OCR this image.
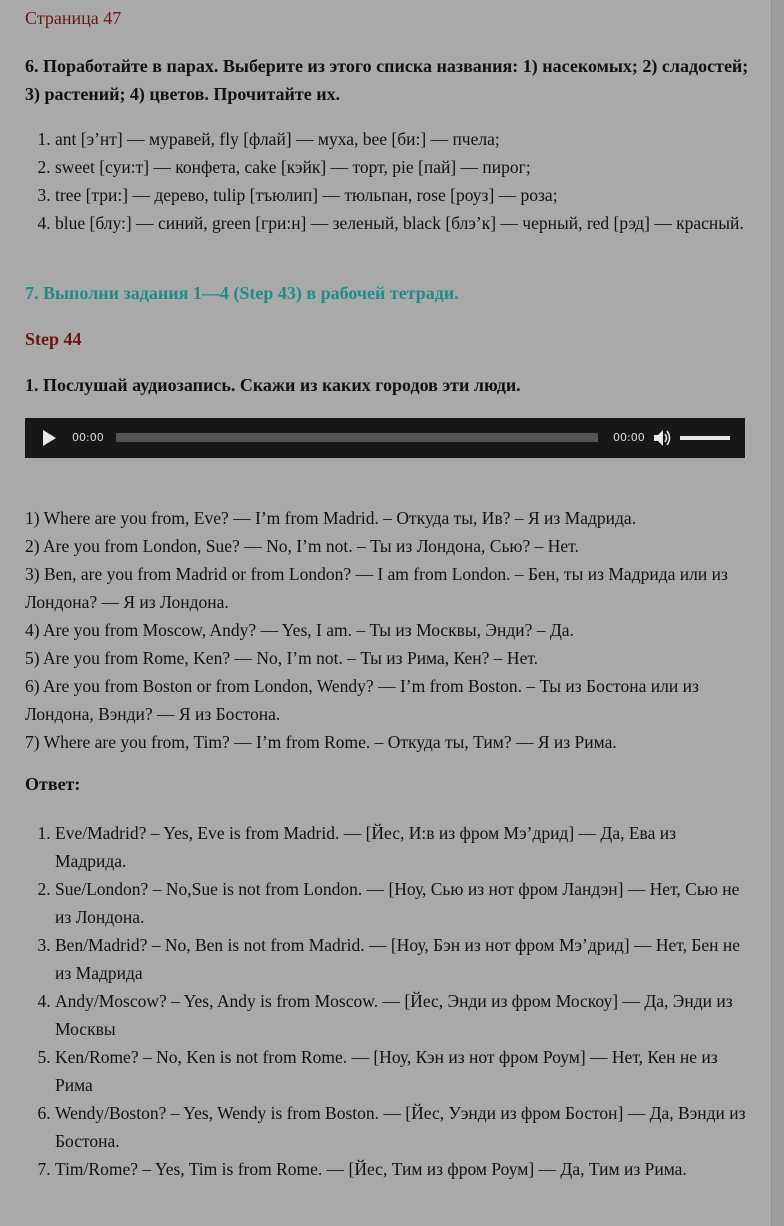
Страница 47
6. Поработайте в парах. Выберите из этого списка названия: 1) насекомых; 2) сладостей; 3) растений; 4) цветов. Прочитайте их.
1. ant [э’нт] — муравей, fly [флай] — муха, bee [би:] — пчела;
2. sweet [суи:т] — конфета, cake [кэйк] — торт, pie [пай] — пирог;
3. tree [три:] — дерево, tulip [тъюлип] — тюльпан, rose [роуз] — роза;
4. blue [блу:] — синий, green [гри:н] — зеленый, black [блэ’к] — черный, red [рэд] — красный.
7. Выполни задания 1—4 (Step 43) в рабочей тетради.
Step 44
1. Послушай аудиозапись. Скажи из каких городов эти люди.
00:00	00:00

1) Where are you from, Eve? — I’m from Madrid. – Откуда ты, Ив? – Я из Мадрида.

2) Are you from London, Sue? — No, I’m not. – Ты из Лондона, Сью? – Нет.

3) Ben, are you from Madrid or from London? — I am from London. – Бен, ты из Мадрида или из Лондона? — Я из Лондона.

4) Are you from Moscow, Andy? — Yes, I am. – Ты из Москвы, Энди? – Да.

5) Are you from Rome, Ken? — No, I’m not. – Ты из Рима, Кен? – Нет.

6) Are you from Boston or from London, Wendy? — I’m from Boston. – Ты из Бостона или из Лондона, Вэнди? — Я из Бостона.

7) Where are you from, Tim? — I’m from Rome. – Откуда ты, Тим? — Я из Рима.

Ответ:
1. Eve/Madrid? – Yes, Eve is from Madrid. — [Йес, И:в из фром Мэ’дрид] — Да, Ева из Мадрида.
2. Sue/London? – No,Sue is not from London. — [Ноу, Сью из нот фром Ландэн] — Нет, Сью не из Лондона.
3. Ben/Madrid? – No, Ben is not from Madrid. — [Ноу, Бэн из нот фром Мэ’дрид] — Нет, Бен не из Мадрида
4. Andy/Moscow? – Yes, Andy is from Moscow. — [Йес, Энди из фром Москоу] — Да, Энди из Москвы
5. Ken/Rome? – No, Ken is not from Rome. — [Ноу, Кэн из нот фром Роум] — Нет, Кен не из Рима
6. Wendy/Boston? – Yes, Wendy is from Boston. — [Йес, Уэнди из фром Бостон] — Да, Вэнди из Бостона.
7. Tim/Rome? – Yes, Tim is from Rome. — [Йес, Тим из фром Роум] — Да, Тим из Рима.
